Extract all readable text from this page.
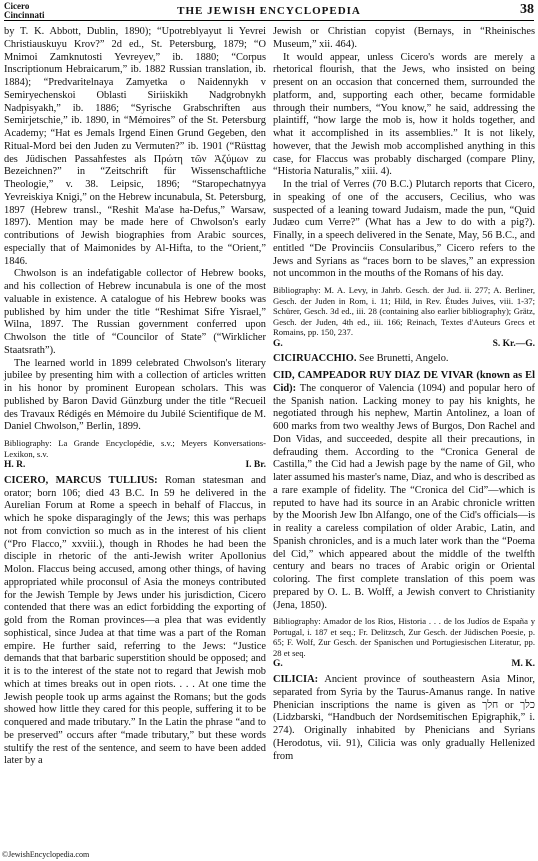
Cicero
Cincinnati	THE JEWISH ENCYCLOPEDIA	38

by T. K. Abbott, Dublin, 1890); “Upotreblyayut li Yevrei Christiauskuyu Krov?” 2d ed., St. Petersburg, 1879; “O Mnimoi Zamknutosti Yevreyev,” ib. 1880; “Corpus Inscriptionum Hebraicarum,” ib. 1882 Russian translation, ib. 1884); “Predvaritelnaya Zamyetka o Naidennykh v Semiryechenskoi Oblasti Siriiskikh Nadgrobnykh Nadpisyakh,” ib. 1886; “Syrische Grabschriften aus Semirjetschie,” ib. 1890, in “Mémoires” of the St. Petersburg Academy; “Hat es Jemals Irgend Einen Grund Gegeben, den Ritual-Mord bei den Juden zu Vermuten?” ib. 1901 (“Rüsttag des Jüdischen Passahfestes als Πρώτη τῶν Ἀζύμων zu Bezeichnen?” in “Zeitschrift für Wissenschaftliche Theologie,” v. 38. Leipsic, 1896; “Staropechatnyya Yevreiskiya Knigi,” on the Hebrew incunabula, St. Petersburg, 1897 (Hebrew transl., “Reshit Ma'ase ha-Defus,” Warsaw, 1897). Mention may be made here of Chwolson's early contributions of Jewish biographies from Arabic sources, especially that of Maimonides by Al-Hifta, to the “Orient,” 1846.

Chwolson is an indefatigable collector of Hebrew books, and his collection of Hebrew incunabula is one of the most valuable in existence. A catalogue of his Hebrew books was published by him under the title “Reshimat Sifre Yisrael,” Wilna, 1897. The Russian government conferred upon Chwolson the title of “Councilor of State” (“Wirklicher Staatsrath”).

The learned world in 1899 celebrated Chwolson's literary jubilee by presenting him with a collection of articles written in his honor by prominent European scholars. This was published by Baron David Günzburg under the title “Recueil des Travaux Rédigés en Mémoire du Jubilé Scientifique de M. Daniel Chwolson,” Berlin, 1899.

Bibliography: La Grande Encyclopédie, s.v.; Meyers Konversations-Lexikon, s.v.

H. R.	I. Br.

CICERO, MARCUS TULLIUS: Roman statesman and orator; born 106; died 43 B.C. In 59 he delivered in the Aurelian Forum at Rome a speech in behalf of Flaccus, in which he spoke disparagingly of the Jews; this was perhaps not from conviction so much as in the interest of his client (“Pro Flacco,” xxviii.), though in Rhodes he had been the disciple in rhetoric of the anti-Jewish writer Apollonius Molon. Flaccus being accused, among other things, of having appropriated while proconsul of Asia the moneys contributed for the Jewish Temple by Jews under his jurisdiction, Cicero contended that there was an edict forbidding the exporting of gold from the Roman provinces—a plea that was evidently sophistical, since Judea at that time was a part of the Roman empire. He further said, referring to the Jews: “Justice demands that that barbaric superstition should be opposed; and it is to the interest of the state not to regard that Jewish mob which at times breaks out in open riots. . . . At one time the Jewish people took up arms against the Romans; but the gods showed how little they cared for this people, suffering it to be conquered and made tributary.” In the Latin the phrase “and to be preserved” occurs after “made tributary,” but these words stultify the rest of the sentence, and seem to have been added later by a

Jewish or Christian copyist (Bernays, in “Rheinisches Museum,” xii. 464).

It would appear, unless Cicero's words are merely a rhetorical flourish, that the Jews, who insisted on being present on an occasion that concerned them, surrounded the platform, and, supporting each other, became formidable through their numbers, “You know,” he said, addressing the plaintiff, “how large the mob is, how it holds together, and what it accomplished in its assemblies.” It is not likely, however, that the Jewish mob accomplished anything in this case, for Flaccus was probably discharged (compare Pliny, “Historia Naturalis,” xiii. 4).

In the trial of Verres (70 B.C.) Plutarch reports that Cicero, in speaking of one of the accusers, Cecilius, who was suspected of a leaning toward Judaism, made the pun, “Quid Judæo cum Verre?” (What has a Jew to do with a pig?). Finally, in a speech delivered in the Senate, May, 56 B.C., and entitled “De Provinciis Consularibus,” Cicero refers to the Jews and Syrians as “races born to be slaves,” an expression not uncommon in the mouths of the Romans of his day.

Bibliography: M. A. Levy, in Jahrb. Gesch. der Jud. ii. 277; A. Berliner, Gesch. der Juden in Rom, i. 11; Hild, in Rev. Études Juives, viii. 1-37; Schürer, Gesch. 3d ed., iii. 28 (containing also earlier bibliography); Grätz, Gesch. der Juden, 4th ed., iii. 166; Reinach, Textes d'Auteurs Grecs et Romains, pp. 150, 237.

G.	S. Kr.—G.

CICIRUACCHIO. See Brunetti, Angelo.

CID, CAMPEADOR RUY DIAZ DE VIVAR (known as El Cid): The conqueror of Valencia (1094) and popular hero of the Spanish nation. Lacking money to pay his knights, he negotiated through his nephew, Martin Antolinez, a loan of 600 marks from two wealthy Jews of Burgos, Don Rachel and Don Vidas, and succeeded, despite all their precautions, in defrauding them. According to the “Cronica General de Castilla,” the Cid had a Jewish page by the name of Gil, who later assumed his master's name, Diaz, and who is described as a rare example of fidelity. The “Cronica del Cid”—which is reputed to have had its source in an Arabic chronicle written by the Moorish Jew Ibn Alfango, one of the Cid's officials—is in reality a careless compilation of older Arabic, Latin, and Spanish chronicles, and is a much later work than the “Poema del Cid,” which appeared about the middle of the twelfth century and bears no traces of Arabic origin or Oriental coloring. The first complete translation of this poem was prepared by O. L. B. Wolff, a Jewish convert to Christianity (Jena, 1850).

Bibliography: Amador de los Rios, Historia . . . de los Judíos de España y Portugal, i. 187 et seq.; Fr. Delitzsch, Zur Gesch. der Jüdischen Poesie, p. 65; F. Wolf, Zur Gesch. der Spanischen und Portugiesischen Literatur, pp. 28 et seq.

G.	M. K.

CILICIA: Ancient province of southeastern Asia Minor, separated from Syria by the Taurus-Amanus range. In native Phenician inscriptions the name is given as חלך or כלך (Lidzbarski, “Handbuch der Nordsemitischen Epigraphik,” i. 274). Originally inhabited by Phenicians and Syrians (Herodotus, vii. 91), Cilicia was only gradually Hellenized from

©JewishEncyclopedia.com
